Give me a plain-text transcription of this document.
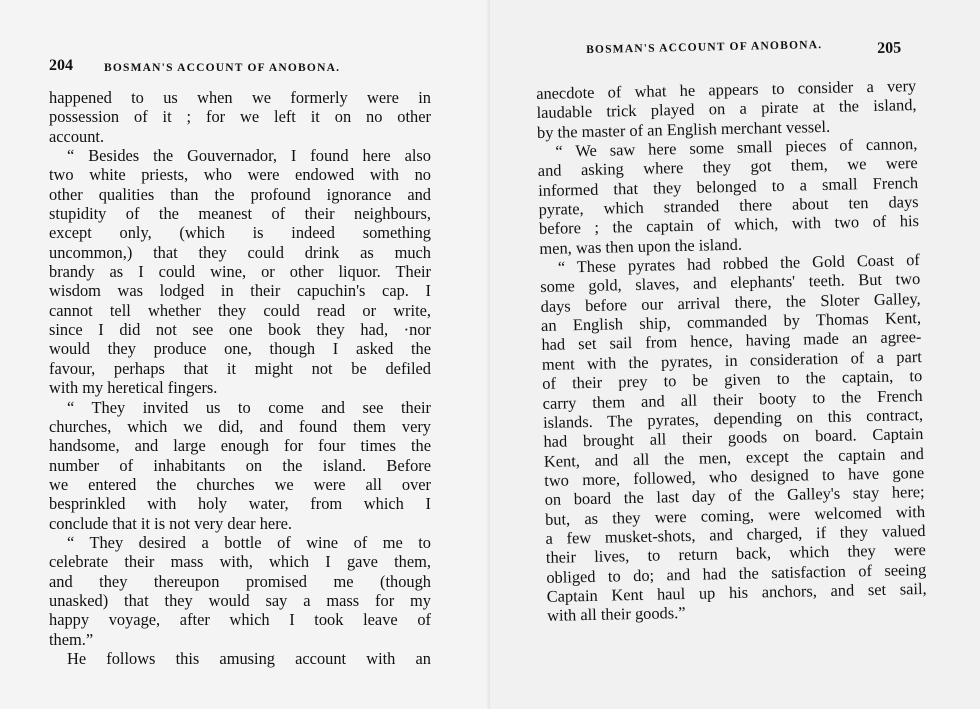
204	BOSMAN'S ACCOUNT OF ANOBONA.
happened to us when we formerly were in
possession of it ; for we left it on no other
account.
“ Besides the Gouvernador, I found here also
two white priests, who were endowed with no
other qualities than the profound ignorance and
stupidity of the meanest of their neighbours,
except only, (which is indeed something
uncommon,) that they could drink as much
brandy as I could wine, or other liquor. Their
wisdom was lodged in their capuchin's cap. I
cannot tell whether they could read or write,
since I did not see one book they had, ·nor
would they produce one, though I asked the
favour, perhaps that it might not be defiled
with my heretical fingers.
“ They invited us to come and see their
churches, which we did, and found them very
handsome, and large enough for four times the
number of inhabitants on the island. Before
we entered the churches we were all over
besprinkled with holy water, from which I
conclude that it is not very dear here.
“ They desired a bottle of wine of me to
celebrate their mass with, which I gave them,
and they thereupon promised me (though
unasked) that they would say a mass for my
happy voyage, after which I took leave of
them.”
He follows this amusing account with an
BOSMAN'S ACCOUNT OF ANOBONA.	205
anecdote of what he appears to consider a very
laudable trick played on a pirate at the island,
by the master of an English merchant vessel.
“ We saw here some small pieces of cannon,
and asking where they got them, we were
informed that they belonged to a small French
pyrate, which stranded there about ten days
before ; the captain of which, with two of his
men, was then upon the island.
“ These pyrates had robbed the Gold Coast of
some gold, slaves, and elephants' teeth. But two
days before our arrival there, the Sloter Galley,
an English ship, commanded by Thomas Kent,
had set sail from hence, having made an agree-
ment with the pyrates, in consideration of a part
of their prey to be given to the captain, to
carry them and all their booty to the French
islands. The pyrates, depending on this contract,
had brought all their goods on board. Captain
Kent, and all the men, except the captain and
two more, followed, who designed to have gone
on board the last day of the Galley's stay here;
but, as they were coming, were welcomed with
a few musket-shots, and charged, if they valued
their lives, to return back, which they were
obliged to do; and had the satisfaction of seeing
Captain Kent haul up his anchors, and set sail,
with all their goods.”
